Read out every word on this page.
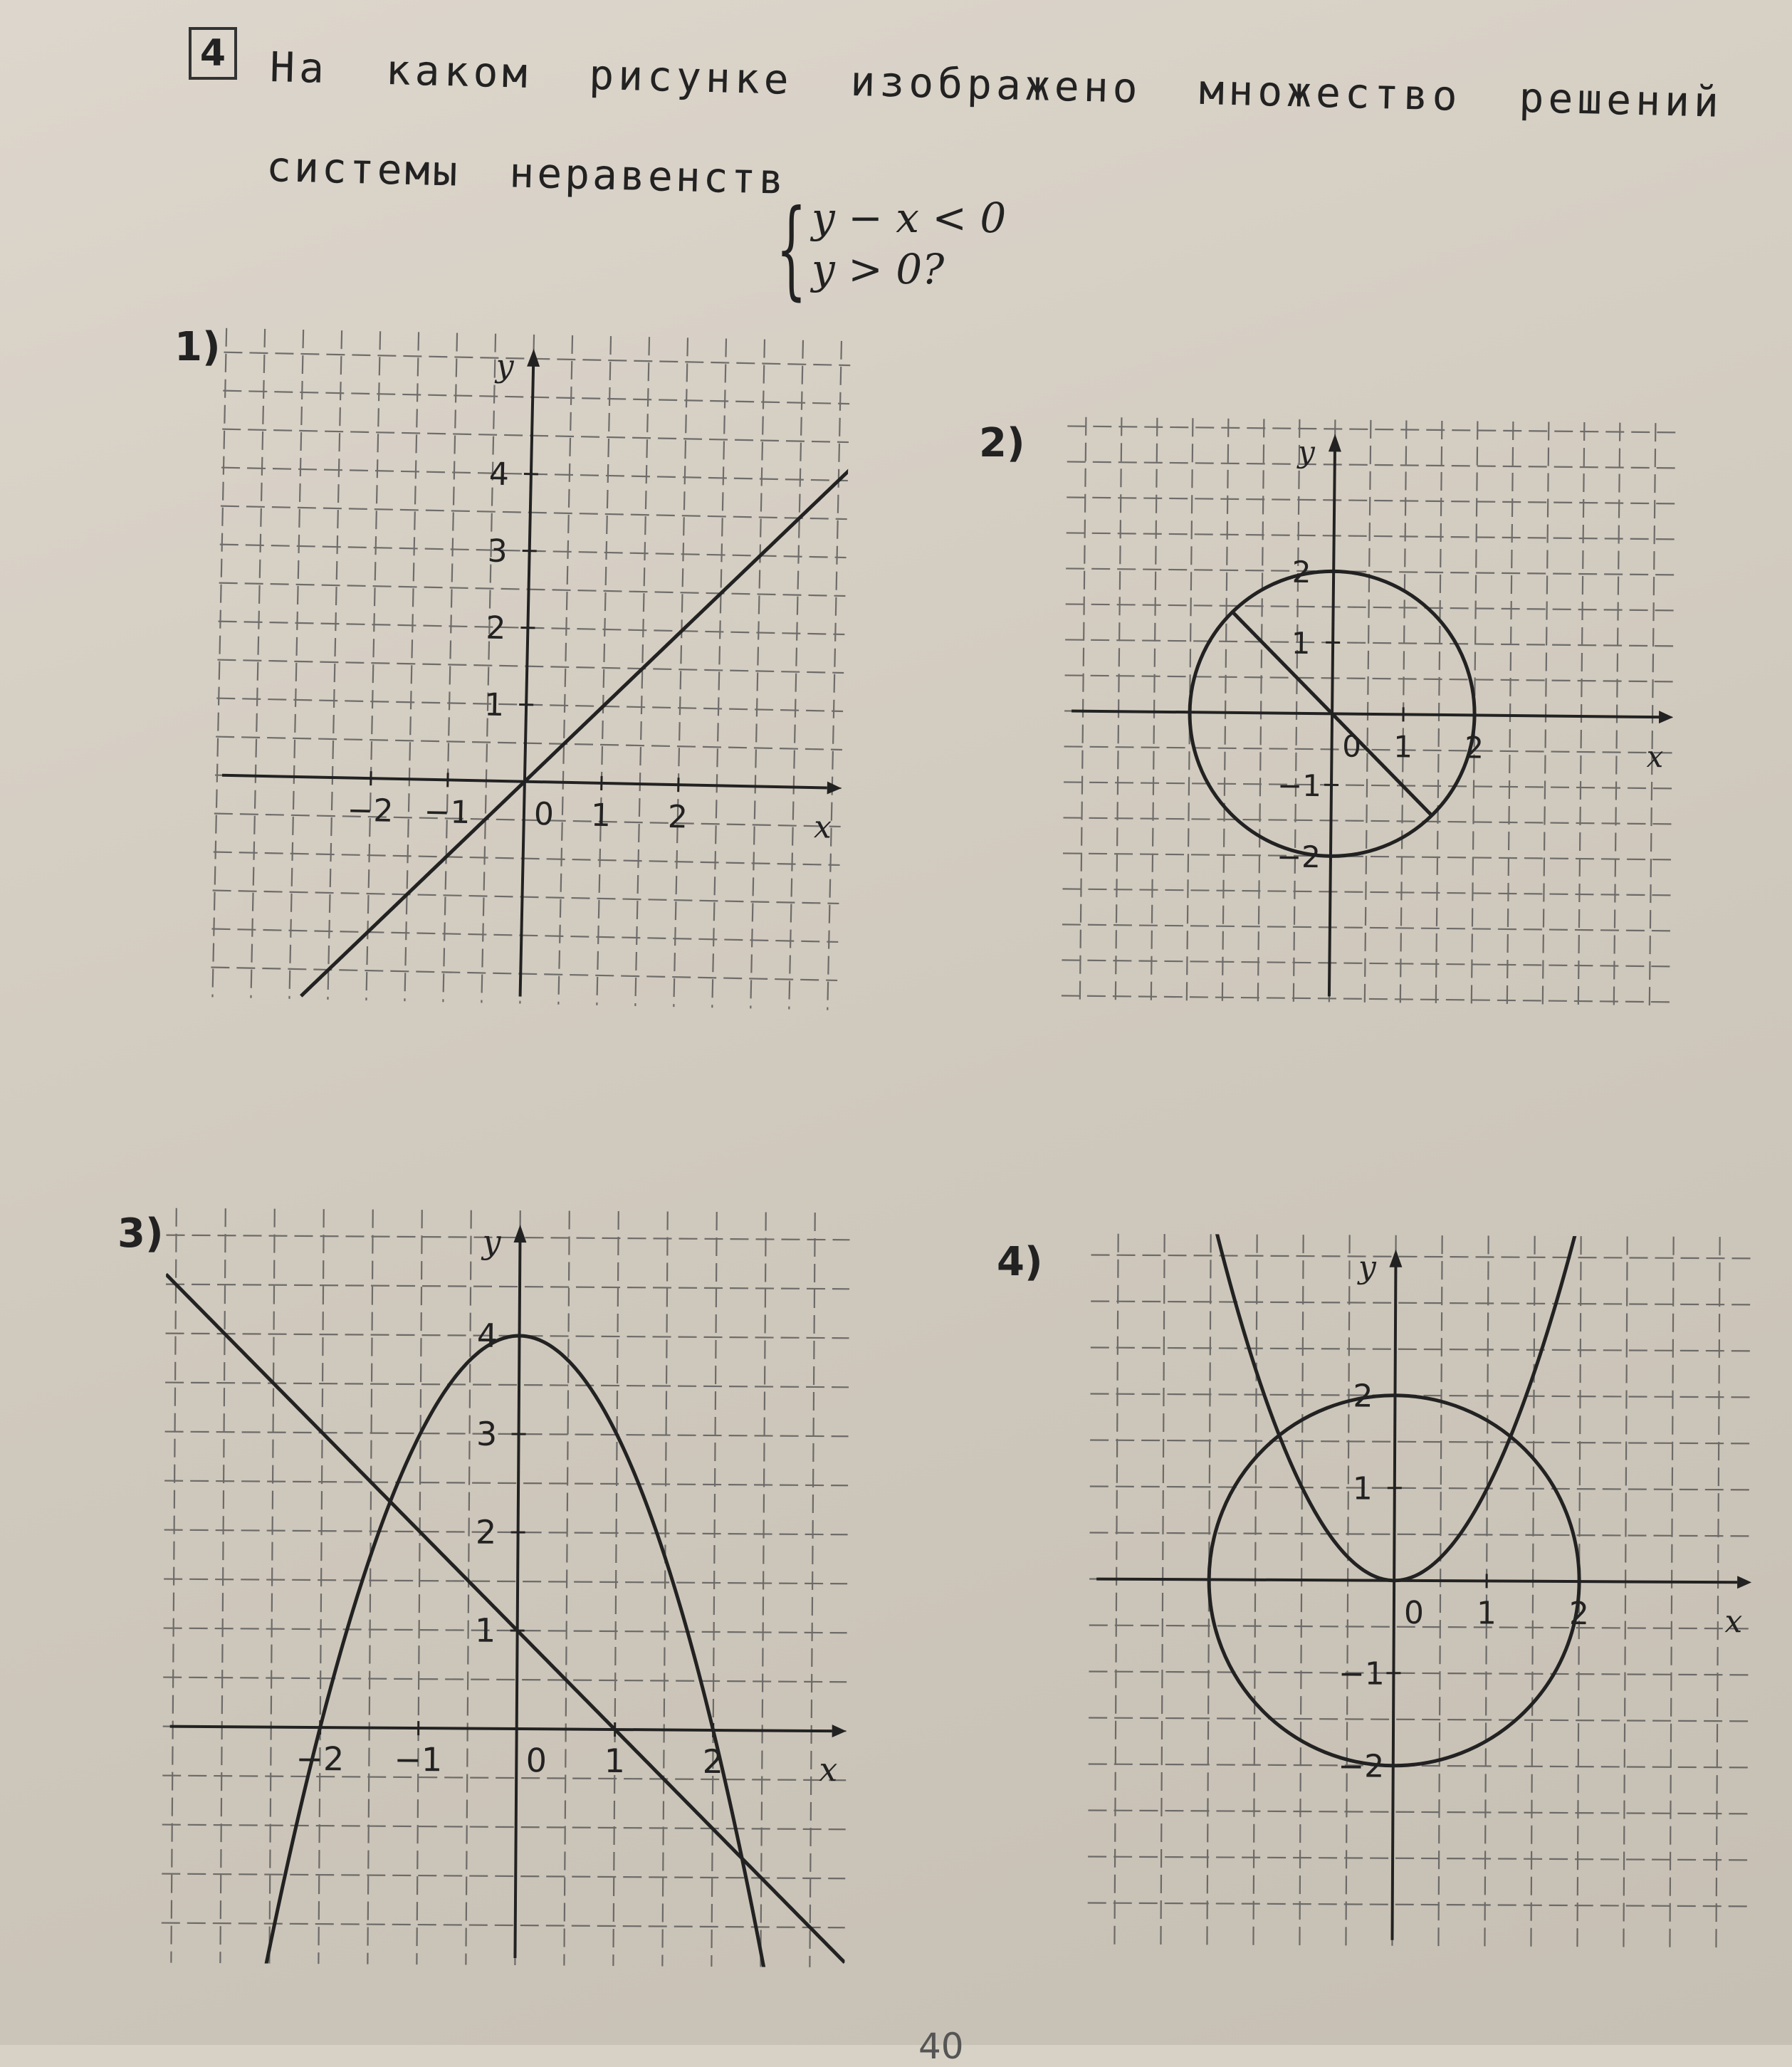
4 На каком рисунке изображено множество решений
системы неравенств
{ y − x < 0
y > 0?
1)
x
y
0
−2 −1	1 2
1
2
3
4
2)
x
y
0 1 2
−2
−1
1
2
3)
x
y
0
−2 −1	1 2
1
2
3
4
4)
x
y
0 1 2
−2
−1
1
2
40
